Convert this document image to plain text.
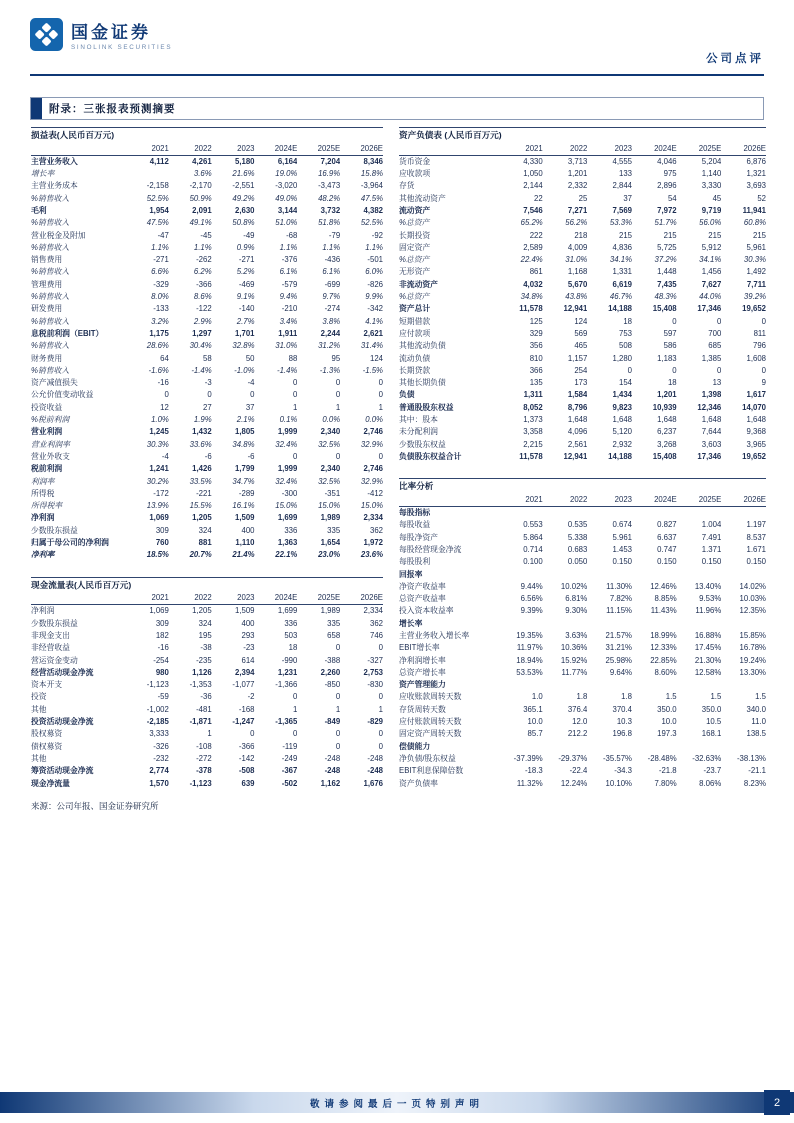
国金证券
SINOLINK SECURITIES
公司点评
附录：三张报表预测摘要
损益表(人民币百万元)						
	2021	2022	2023	2024E	2025E	2026E
主营业务收入	4,112	4,261	5,180	6,164	7,204	8,346
增长率		3.6%	21.6%	19.0%	16.9%	15.8%
主营业务成本	-2,158	-2,170	-2,551	-3,020	-3,473	-3,964
%销售收入	52.5%	50.9%	49.2%	49.0%	48.2%	47.5%
毛利	1,954	2,091	2,630	3,144	3,732	4,382
%销售收入	47.5%	49.1%	50.8%	51.0%	51.8%	52.5%
营业税金及附加	-47	-45	-49	-68	-79	-92
%销售收入	1.1%	1.1%	0.9%	1.1%	1.1%	1.1%
销售费用	-271	-262	-271	-376	-436	-501
%销售收入	6.6%	6.2%	5.2%	6.1%	6.1%	6.0%
管理费用	-329	-366	-469	-579	-699	-826
%销售收入	8.0%	8.6%	9.1%	9.4%	9.7%	9.9%
研发费用	-133	-122	-140	-210	-274	-342
%销售收入	3.2%	2.9%	2.7%	3.4%	3.8%	4.1%
息税前利润（EBIT）	1,175	1,297	1,701	1,911	2,244	2,621
%销售收入	28.6%	30.4%	32.8%	31.0%	31.2%	31.4%
财务费用	64	58	50	88	95	124
%销售收入	-1.6%	-1.4%	-1.0%	-1.4%	-1.3%	-1.5%
资产减值损失	-16	-3	-4	0	0	0
公允价值变动收益	0	0	0	0	0	0
投资收益	12	27	37	1	1	1
%税前利润	1.0%	1.9%	2.1%	0.1%	0.0%	0.0%
营业利润	1,245	1,432	1,805	1,999	2,340	2,746
营业利润率	30.3%	33.6%	34.8%	32.4%	32.5%	32.9%
营业外收支	-4	-6	-6	0	0	0
税前利润	1,241	1,426	1,799	1,999	2,340	2,746
利润率	30.2%	33.5%	34.7%	32.4%	32.5%	32.9%
所得税	-172	-221	-289	-300	-351	-412
所得税率	13.9%	15.5%	16.1%	15.0%	15.0%	15.0%
净利润	1,069	1,205	1,509	1,699	1,989	2,334
少数股东损益	309	324	400	336	335	362
归属于母公司的净利润	760	881	1,110	1,363	1,654	1,972
净利率	18.5%	20.7%	21.4%	22.1%	23.0%	23.6%
现金流量表(人民币百万元)						
	2021	2022	2023	2024E	2025E	2026E
净利润	1,069	1,205	1,509	1,699	1,989	2,334
少数股东损益	309	324	400	336	335	362
非现金支出	182	195	293	503	658	746
非经营收益	-16	-38	-23	18	0	0
营运资金变动	-254	-235	614	-990	-388	-327
经营活动现金净流	980	1,126	2,394	1,231	2,260	2,753
资本开支	-1,123	-1,353	-1,077	-1,366	-850	-830
投资	-59	-36	-2	0	0	0
其他	-1,002	-481	-168	1	1	1
投资活动现金净流	-2,185	-1,871	-1,247	-1,365	-849	-829
股权募资	3,333	1	0	0	0	0
债权募资	-326	-108	-366	-119	0	0
其他	-232	-272	-142	-249	-248	-248
筹资活动现金净流	2,774	-378	-508	-367	-248	-248
现金净流量	1,570	-1,123	639	-502	1,162	1,676
来源：公司年报、国金证券研究所
资产负债表 (人民币百万元)						
	2021	2022	2023	2024E	2025E	2026E
货币资金	4,330	3,713	4,555	4,046	5,204	6,876
应收款项	1,050	1,201	133	975	1,140	1,321
存货	2,144	2,332	2,844	2,896	3,330	3,693
其他流动资产	22	25	37	54	45	52
流动资产	7,546	7,271	7,569	7,972	9,719	11,941
%总资产	65.2%	56.2%	53.3%	51.7%	56.0%	60.8%
长期投资	222	218	215	215	215	215
固定资产	2,589	4,009	4,836	5,725	5,912	5,961
%总资产	22.4%	31.0%	34.1%	37.2%	34.1%	30.3%
无形资产	861	1,168	1,331	1,448	1,456	1,492
非流动资产	4,032	5,670	6,619	7,435	7,627	7,711
%总资产	34.8%	43.8%	46.7%	48.3%	44.0%	39.2%
资产总计	11,578	12,941	14,188	15,408	17,346	19,652
短期借款	125	124	18	0	0	0
应付款项	329	569	753	597	700	811
其他流动负债	356	465	508	586	685	796
流动负债	810	1,157	1,280	1,183	1,385	1,608
长期贷款	366	254	0	0	0	0
其他长期负债	135	173	154	18	13	9
负债	1,311	1,584	1,434	1,201	1,398	1,617
普通股股东权益	8,052	8,796	9,823	10,939	12,346	14,070
其中：股本	1,373	1,648	1,648	1,648	1,648	1,648
未分配利润	3,358	4,096	5,120	6,237	7,644	9,368
少数股东权益	2,215	2,561	2,932	3,268	3,603	3,965
负债股东权益合计	11,578	12,941	14,188	15,408	17,346	19,652
比率分析						
	2021	2022	2023	2024E	2025E	2026E
每股指标						
每股收益	0.553	0.535	0.674	0.827	1.004	1.197
每股净资产	5.864	5.338	5.961	6.637	7.491	8.537
每股经营现金净流	0.714	0.683	1.453	0.747	1.371	1.671
每股股利	0.100	0.050	0.150	0.150	0.150	0.150
回报率						
净资产收益率	9.44%	10.02%	11.30%	12.46%	13.40%	14.02%
总资产收益率	6.56%	6.81%	7.82%	8.85%	9.53%	10.03%
投入资本收益率	9.39%	9.30%	11.15%	11.43%	11.96%	12.35%
增长率						
主营业务收入增长率	19.35%	3.63%	21.57%	18.99%	16.88%	15.85%
EBIT增长率	11.97%	10.36%	31.21%	12.33%	17.45%	16.78%
净利润增长率	18.94%	15.92%	25.98%	22.85%	21.30%	19.24%
总资产增长率	53.53%	11.77%	9.64%	8.60%	12.58%	13.30%
资产管理能力						
应收账款周转天数	1.0	1.8	1.8	1.5	1.5	1.5
存货周转天数	365.1	376.4	370.4	350.0	350.0	340.0
应付账款周转天数	10.0	12.0	10.3	10.0	10.5	11.0
固定资产周转天数	85.7	212.2	196.8	197.3	168.1	138.5
偿债能力						
净负债/股东权益	-37.39%	-29.37%	-35.57%	-28.48%	-32.63%	-38.13%
EBIT利息保障倍数	-18.3	-22.4	-34.3	-21.8	-23.7	-21.1
资产负债率	11.32%	12.24%	10.10%	7.80%	8.06%	8.23%
敬请参阅最后一页特别声明	2
